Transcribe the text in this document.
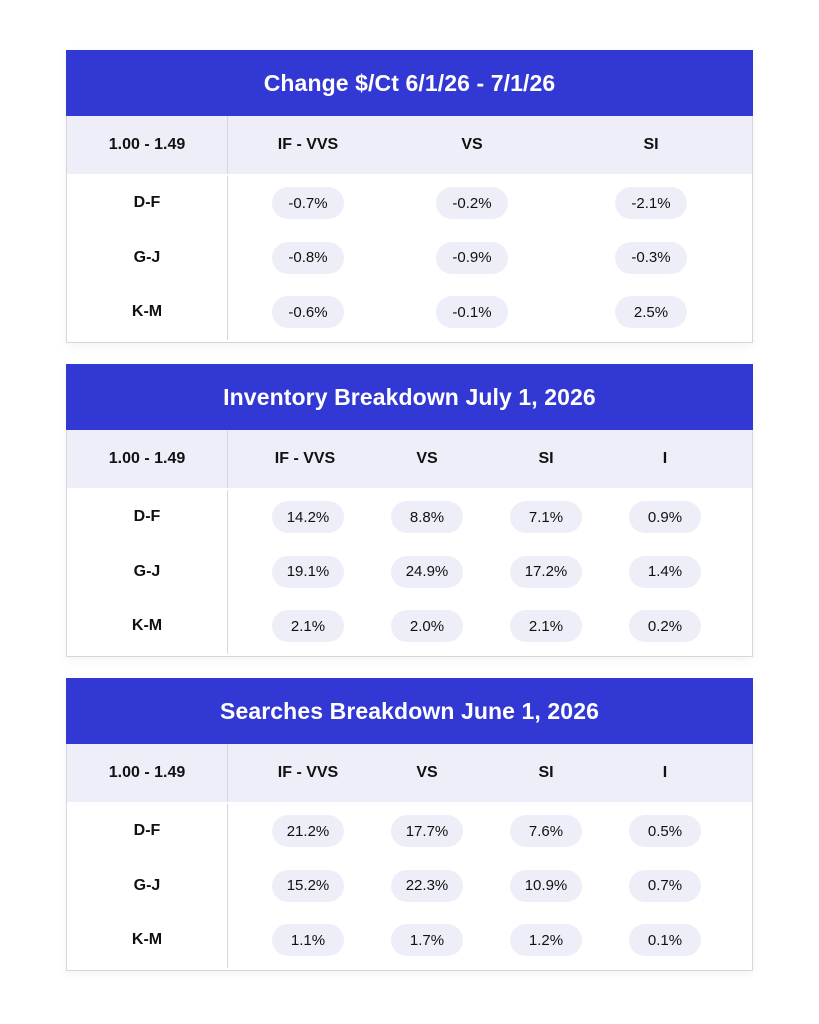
Change $/Ct 6/1/26 - 7/1/26
1.00 - 1.49	IF - VVS	VS	SI
D-F	-0.7%	-0.2%	-2.1%
G-J	-0.8%	-0.9%	-0.3%
K-M	-0.6%	-0.1%	2.5%
Inventory Breakdown July 1, 2026
1.00 - 1.49	IF - VVS	VS	SI	I
D-F	14.2%	8.8%	7.1%	0.9%
G-J	19.1%	24.9%	17.2%	1.4%
K-M	2.1%	2.0%	2.1%	0.2%
Searches Breakdown June 1, 2026
1.00 - 1.49	IF - VVS	VS	SI	I
D-F	21.2%	17.7%	7.6%	0.5%
G-J	15.2%	22.3%	10.9%	0.7%
K-M	1.1%	1.7%	1.2%	0.1%
